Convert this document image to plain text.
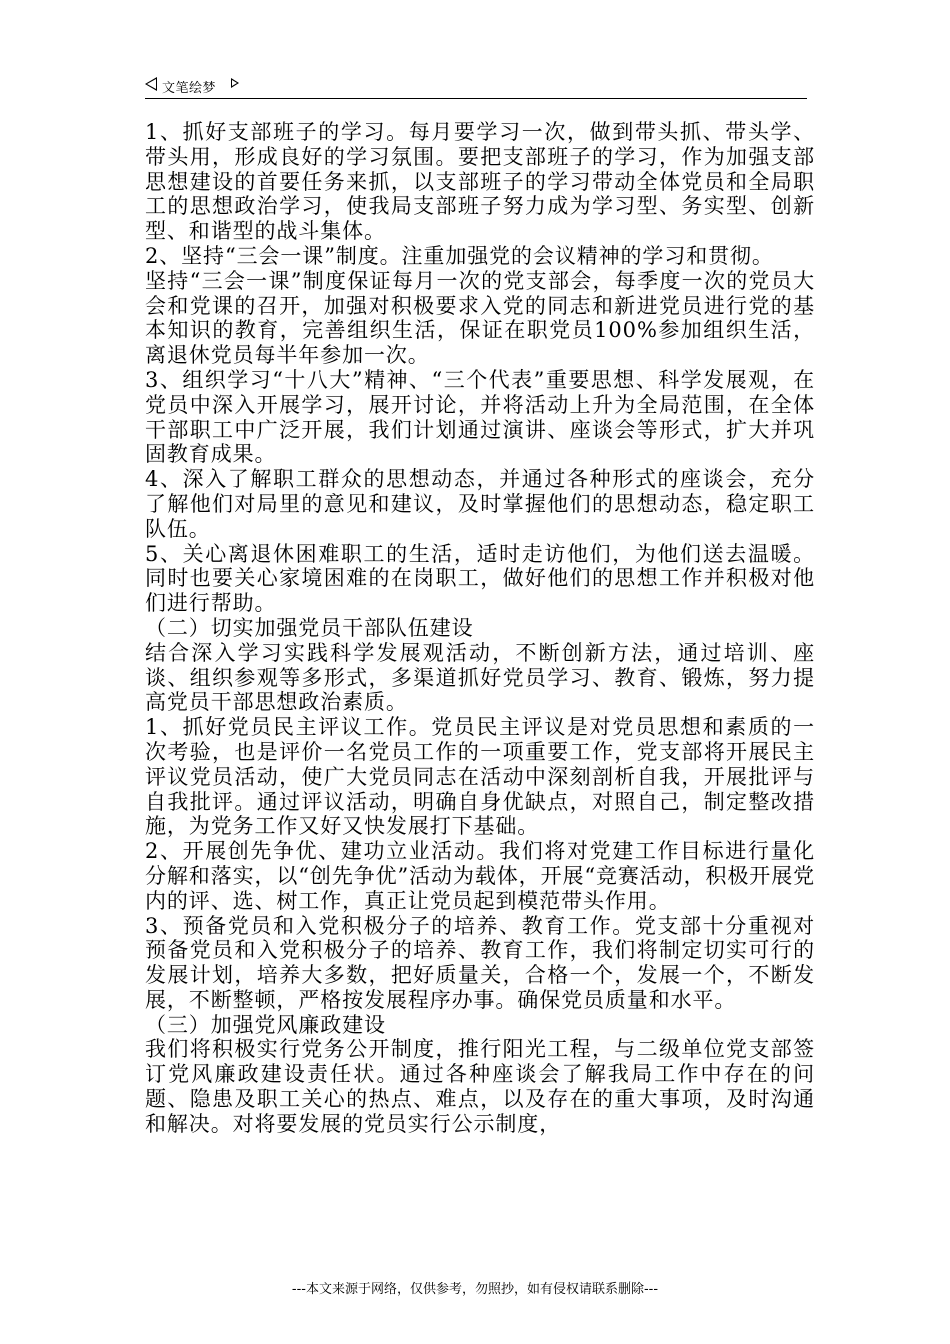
文笔绘梦

1、抓好支部班子的学习。每月要学习一次，做到带头抓、带头学、带头用，形成良好的学习氛围。要把支部班子的学习，作为加强支部思想建设的首要任务来抓，以支部班子的学习带动全体党员和全局职工的思想政治学习，使我局支部班子努力成为学习型、务实型、创新型、和谐型的战斗集体。

2、坚持“三会一课”制度。注重加强党的会议精神的学习和贯彻。

坚持“三会一课”制度保证每月一次的党支部会，每季度一次的党员大会和党课的召开，加强对积极要求入党的同志和新进党员进行党的基本知识的教育，完善组织生活，保证在职党员100%参加组织生活，离退休党员每半年参加一次。

3、组织学习“十八大”精神、“三个代表”重要思想、科学发展观，在党员中深入开展学习，展开讨论，并将活动上升为全局范围，在全体干部职工中广泛开展，我们计划通过演讲、座谈会等形式，扩大并巩固教育成果。

4、深入了解职工群众的思想动态，并通过各种形式的座谈会，充分了解他们对局里的意见和建议，及时掌握他们的思想动态，稳定职工队伍。

5、关心离退休困难职工的生活，适时走访他们，为他们送去温暖。同时也要关心家境困难的在岗职工，做好他们的思想工作并积极对他们进行帮助。

（二）切实加强党员干部队伍建设

结合深入学习实践科学发展观活动，不断创新方法，通过培训、座谈、组织参观等多形式，多渠道抓好党员学习、教育、锻炼，努力提高党员干部思想政治素质。

1、抓好党员民主评议工作。党员民主评议是对党员思想和素质的一次考验，也是评价一名党员工作的一项重要工作，党支部将开展民主评议党员活动，使广大党员同志在活动中深刻剖析自我，开展批评与自我批评。通过评议活动，明确自身优缺点，对照自己，制定整改措施，为党务工作又好又快发展打下基础。

2、开展创先争优、建功立业活动。我们将对党建工作目标进行量化分解和落实，以“创先争优”活动为载体，开展“竞赛活动，积极开展党内的评、选、树工作，真正让党员起到模范带头作用。

3、预备党员和入党积极分子的培养、教育工作。党支部十分重视对预备党员和入党积极分子的培养、教育工作，我们将制定切实可行的发展计划，培养大多数，把好质量关，合格一个，发展一个，不断发展，不断整顿，严格按发展程序办事。确保党员质量和水平。

（三）加强党风廉政建设

我们将积极实行党务公开制度，推行阳光工程，与二级单位党支部签订党风廉政建设责任状。通过各种座谈会了解我局工作中存在的问题、隐患及职工关心的热点、难点，以及存在的重大事项，及时沟通和解决。对将要发展的党员实行公示制度，

---本文来源于网络，仅供参考，勿照抄，如有侵权请联系删除---
